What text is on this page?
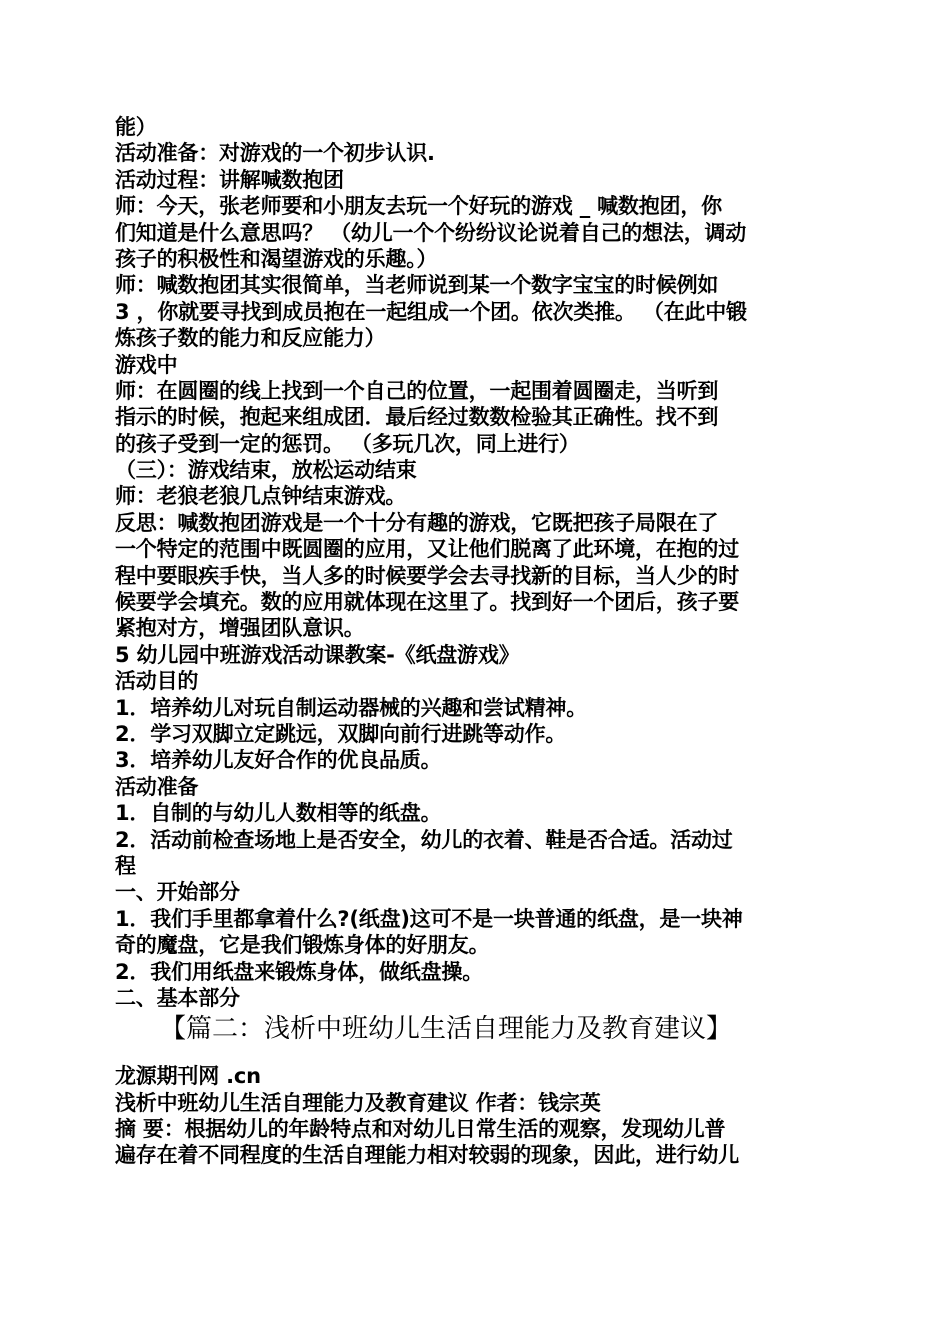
能）
活动准备：对游戏的一个初步认识.
活动过程：讲解喊数抱团
师：今天，张老师要和小朋友去玩一个好玩的游戏 _ 喊数抱团，你
们知道是什么意思吗？ （幼儿一个个纷纷议论说着自己的想法，调动
孩子的积极性和渴望游戏的乐趣。）
师：喊数抱团其实很简单，当老师说到某一个数字宝宝的时候例如
3 ，你就要寻找到成员抱在一起组成一个团。依次类推。 （在此中锻
炼孩子数的能力和反应能力）
游戏中
师：在圆圈的线上找到一个自己的位置，一起围着圆圈走，当听到
指示的时候，抱起来组成团．最后经过数数检验其正确性。找不到
的孩子受到一定的惩罚。 （多玩几次，同上进行）
（三）：游戏结束，放松运动结束
师：老狼老狼几点钟结束游戏。
反思：喊数抱团游戏是一个十分有趣的游戏，它既把孩子局限在了
一个特定的范围中既圆圈的应用，又让他们脱离了此环境，在抱的过
程中要眼疾手快，当人多的时候要学会去寻找新的目标，当人少的时
候要学会填充。数的应用就体现在这里了。找到好一个团后，孩子要
紧抱对方，增强团队意识。
5 幼儿园中班游戏活动课教案-《纸盘游戏》
活动目的
1．培养幼儿对玩自制运动器械的兴趣和尝试精神。
2．学习双脚立定跳远，双脚向前行进跳等动作。
3．培养幼儿友好合作的优良品质。
活动准备
1．自制的与幼儿人数相等的纸盘。
2．活动前检查场地上是否安全，幼儿的衣着、鞋是否合适。活动过
程
一、开始部分
1．我们手里都拿着什么?(纸盘)这可不是一块普通的纸盘，是一块神
奇的魔盘，它是我们锻炼身体的好朋友。
2．我们用纸盘来锻炼身体，做纸盘操。
二、基本部分
【篇二：浅析中班幼儿生活自理能力及教育建议】
龙源期刊网 .cn
浅析中班幼儿生活自理能力及教育建议 作者：钱宗英
摘 要：根据幼儿的年龄特点和对幼儿日常生活的观察，发现幼儿普
遍存在着不同程度的生活自理能力相对较弱的现象，因此，进行幼儿
